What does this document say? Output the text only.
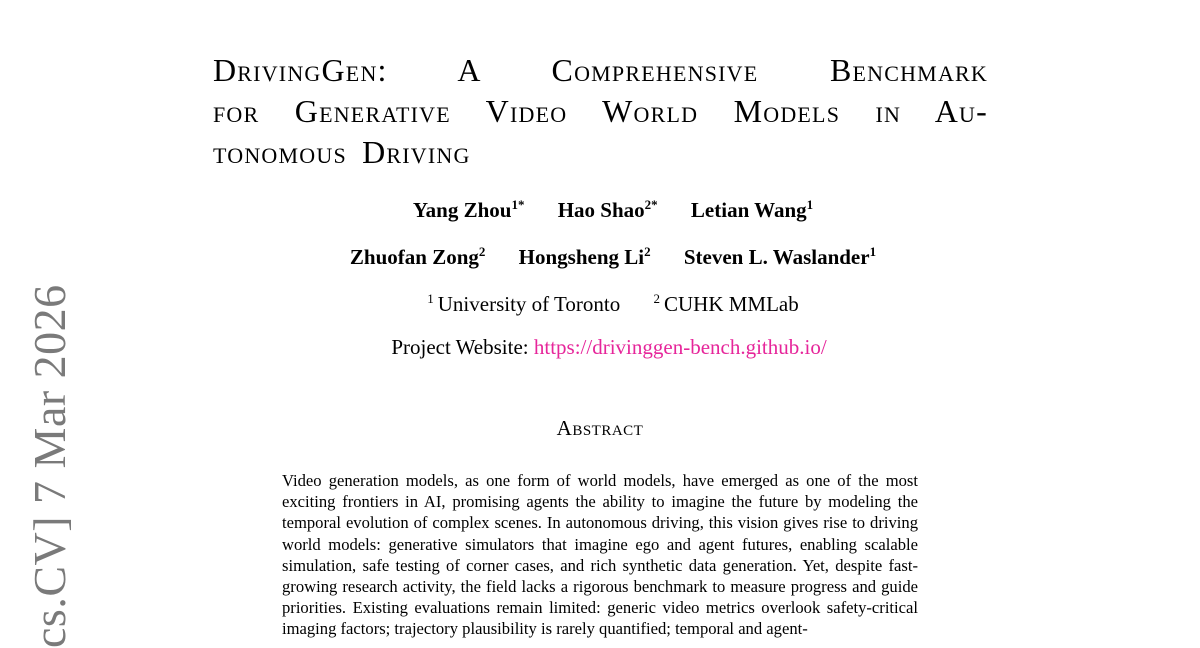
cs.CV] 7 Mar 2026
DrivingGen: A Comprehensive Benchmark
for Generative Video World Models in Au-
tonomous Driving
Yang Zhou$^{1*}$ Hao Shao$^{2*}$ Letian Wang$^1$
Zhuofan Zong$^2$ Hongsheng Li$^2$ Steven L. Waslander$^1$
$^1$ University of Toronto	$^2$ CUHK MMLab
Project Website: https://drivinggen-bench.github.io/
Abstract
Video generation models, as one form of world models, have emerged as one of the most exciting frontiers in AI, promising agents the ability to imagine the future by modeling the temporal evolution of complex scenes. In autonomous driving, this vision gives rise to driving world models: generative simulators that imagine ego and agent futures, enabling scalable simulation, safe testing of corner cases, and rich synthetic data generation. Yet, despite fast-growing research activity, the field lacks a rigorous benchmark to measure progress and guide priorities. Existing evaluations remain limited: generic video metrics overlook safety-critical imaging factors; trajectory plausibility is rarely quantified; temporal and agent-
